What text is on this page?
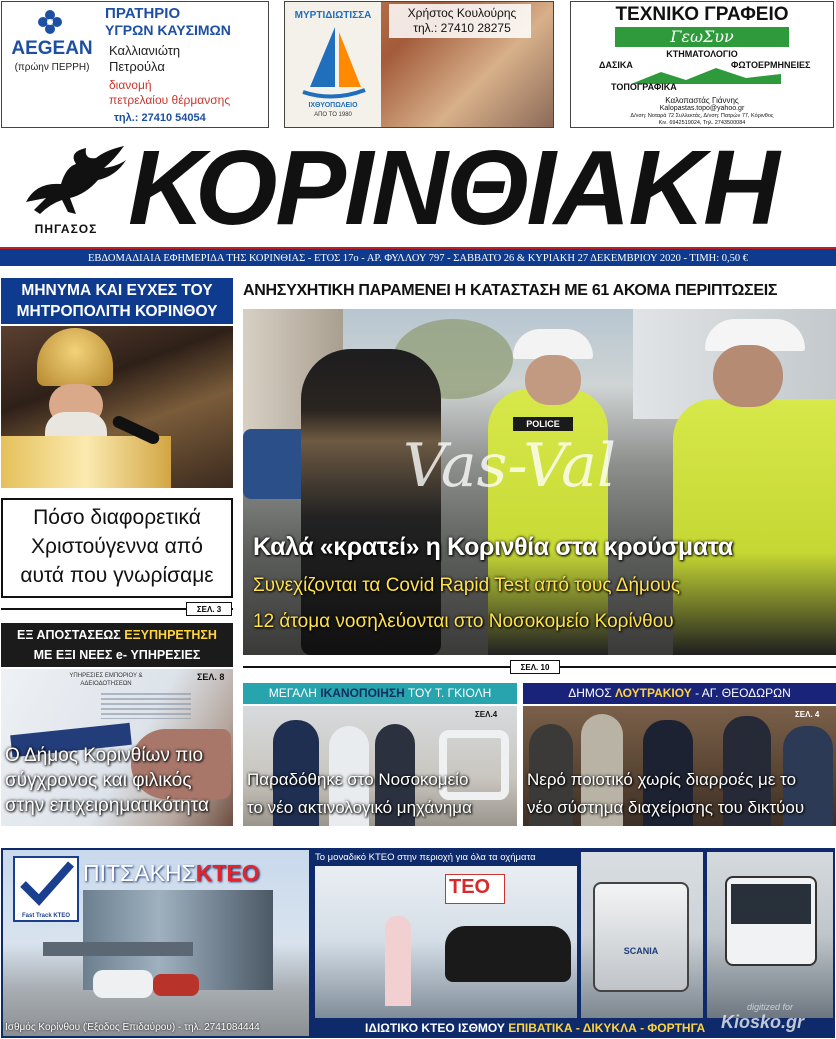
AEGEAN
(πρώην ΠΕΡΡΗ)
ΠΡΑΤΗΡΙΟ
ΥΓΡΩΝ ΚΑΥΣΙΜΩΝ
Καλλιανιώτη
Πετρούλα
διανομή
πετρελαίου θέρμανσης
τηλ.: 27410 54054
ΜΥΡΤΙΔΙΩΤΙΣΣΑ
ΙΧΘΥΟΠΩΛΕΙΟ
ΑΠΟ ΤΟ 1980
Χρήστος Κουλούρης
τηλ.: 27410 28275
ΤΕΧΝΙΚΟ ΓΡΑΦΕΙΟ
ΓεωΣυν
ΚΤΗΜΑΤΟΛΟΓΙΟ
ΔΑΣΙΚΑ	ΦΩΤΟΕΡΜΗΝΕΙΕΣ
ΤΟΠΟΓΡΑΦΙΚΑ
Καλοπαστάς Γιάννης
Kalopastas.topo@yahoo.gr
Δ/νση: Νοταρά 72 Συλλεκτάς, Δ/νση: Πατρών 77, Κόρινθος
Κιν. 6942519024, Τηλ. 2743500084
ΠΗΓΑΣΟΣ ΚΟΡΙΝΘΙΑΚΗ
ΕΒΔΟΜΑΔΙΑΙΑ ΕΦΗΜΕΡΙΔΑ ΤΗΣ ΚΟΡΙΝΘΙΑΣ - ΕΤΟΣ 17ο - ΑΡ. ΦΥΛΛΟΥ 797 - ΣΑΒΒΑΤΟ 26 & ΚΥΡΙΑΚΗ 27 ΔΕΚΕΜΒΡΙΟΥ 2020 - ΤΙΜΗ: 0,50 €
ΜΗΝΥΜΑ ΚΑΙ ΕΥΧΕΣ ΤΟΥ
ΜΗΤΡΟΠΟΛΙΤΗ ΚΟΡΙΝΘΟΥ
Πόσο διαφορετικά
Χριστούγεννα από
αυτά που γνωρίσαμε
ΣΕΛ. 3
ΕΞ ΑΠΟΣΤΑΣΕΩΣ ΕΞΥΠΗΡΕΤΗΣΗ
ΜΕ ΕΞΙ ΝΕΕΣ e- ΥΠΗΡΕΣΙΕΣ
ΥΠΗΡΕΣΙΕΣ ΕΜΠΟΡΙΟΥ &
ΑΔΕΙΟΔΟΤΗΣΕΩΝ
ΣΕΛ. 8
Ο Δήμος Κορινθίων πιο
σύγχρονος και φιλικός
στην επιχειρηματικότητα
ΑΝΗΣΥΧΗΤΙΚΗ ΠΑΡΑΜΕΝΕΙ Η ΚΑΤΑΣΤΑΣΗ ΜΕ 61 ΑΚΟΜΑ ΠΕΡΙΠΤΩΣΕΙΣ
POLICE
Vas-Val
Καλά «κρατεί» η Κορινθία στα κρούσματα
Συνεχίζονται τα Covid Rapid Test από τους Δήμους
12 άτομα νοσηλεύονται στο Νοσοκομείο Κορίνθου
ΣΕΛ. 10
ΜΕΓΑΛΗ ΙΚΑΝΟΠΟΙΗΣΗ ΤΟΥ Τ. ΓΚΙΟΛΗ
ΣΕΛ.4
Παραδόθηκε στο Νοσοκομείο
το νέο ακτινολογικό μηχάνημα
ΔΗΜΟΣ ΛΟΥΤΡΑΚΙΟΥ - ΑΓ. ΘΕΟΔΩΡΩΝ
ΣΕΛ. 4
Νερό ποιοτικό χωρίς διαρροές με το
νέο σύστημα διαχείρισης του δικτύου
Fast Track ΚΤΕΟ
ΠΙΤΣΑΚΗΣΚΤΕΟ
Ισθμός Κορίνθου (Έξοδος Επιδαύρου) - τηλ. 2741084444
Το μοναδικό ΚΤΕΟ στην περιοχή για όλα τα οχήματα
ΤΕΟ
SCANIA
ΙΔΙΩΤΙΚΟ ΚΤΕΟ ΙΣΘΜΟΥ ΕΠΙΒΑΤΙΚΑ - ΔΙΚΥΚΛΑ - ΦΟΡΤΗΓΑ
digitized for
Kiosko.gr
